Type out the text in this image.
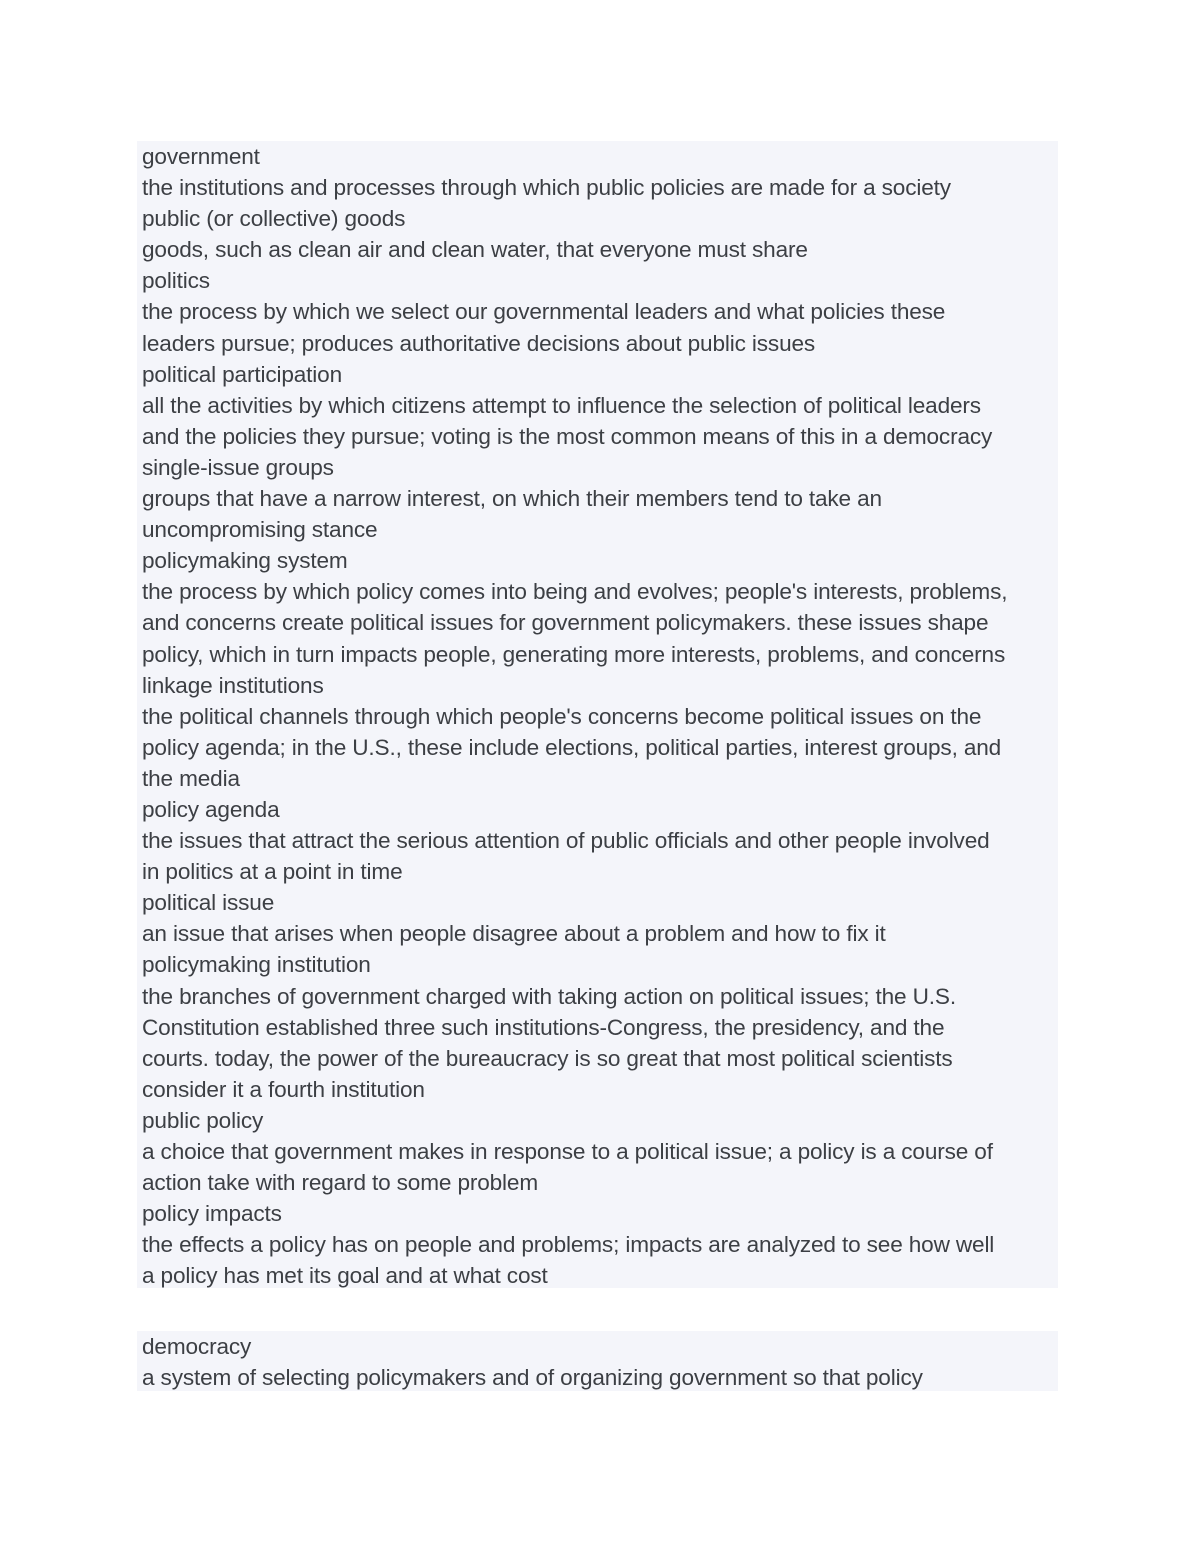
government
the institutions and processes through which public policies are made for a society
public (or collective) goods
goods, such as clean air and clean water, that everyone must share
politics
the process by which we select our governmental leaders and what policies these
leaders pursue; produces authoritative decisions about public issues
political participation
all the activities by which citizens attempt to influence the selection of political leaders
and the policies they pursue; voting is the most common means of this in a democracy
single-issue groups
groups that have a narrow interest, on which their members tend to take an
uncompromising stance
policymaking system
the process by which policy comes into being and evolves; people's interests, problems,
and concerns create political issues for government policymakers. these issues shape
policy, which in turn impacts people, generating more interests, problems, and concerns
linkage institutions
the political channels through which people's concerns become political issues on the
policy agenda; in the U.S., these include elections, political parties, interest groups, and
the media
policy agenda
the issues that attract the serious attention of public officials and other people involved
in politics at a point in time
political issue
an issue that arises when people disagree about a problem and how to fix it
policymaking institution
the branches of government charged with taking action on political issues; the U.S.
Constitution established three such institutions-Congress, the presidency, and the
courts. today, the power of the bureaucracy is so great that most political scientists
consider it a fourth institution
public policy
a choice that government makes in response to a political issue; a policy is a course of
action take with regard to some problem
policy impacts
the effects a policy has on people and problems; impacts are analyzed to see how well
a policy has met its goal and at what cost
democracy
a system of selecting policymakers and of organizing government so that policy
